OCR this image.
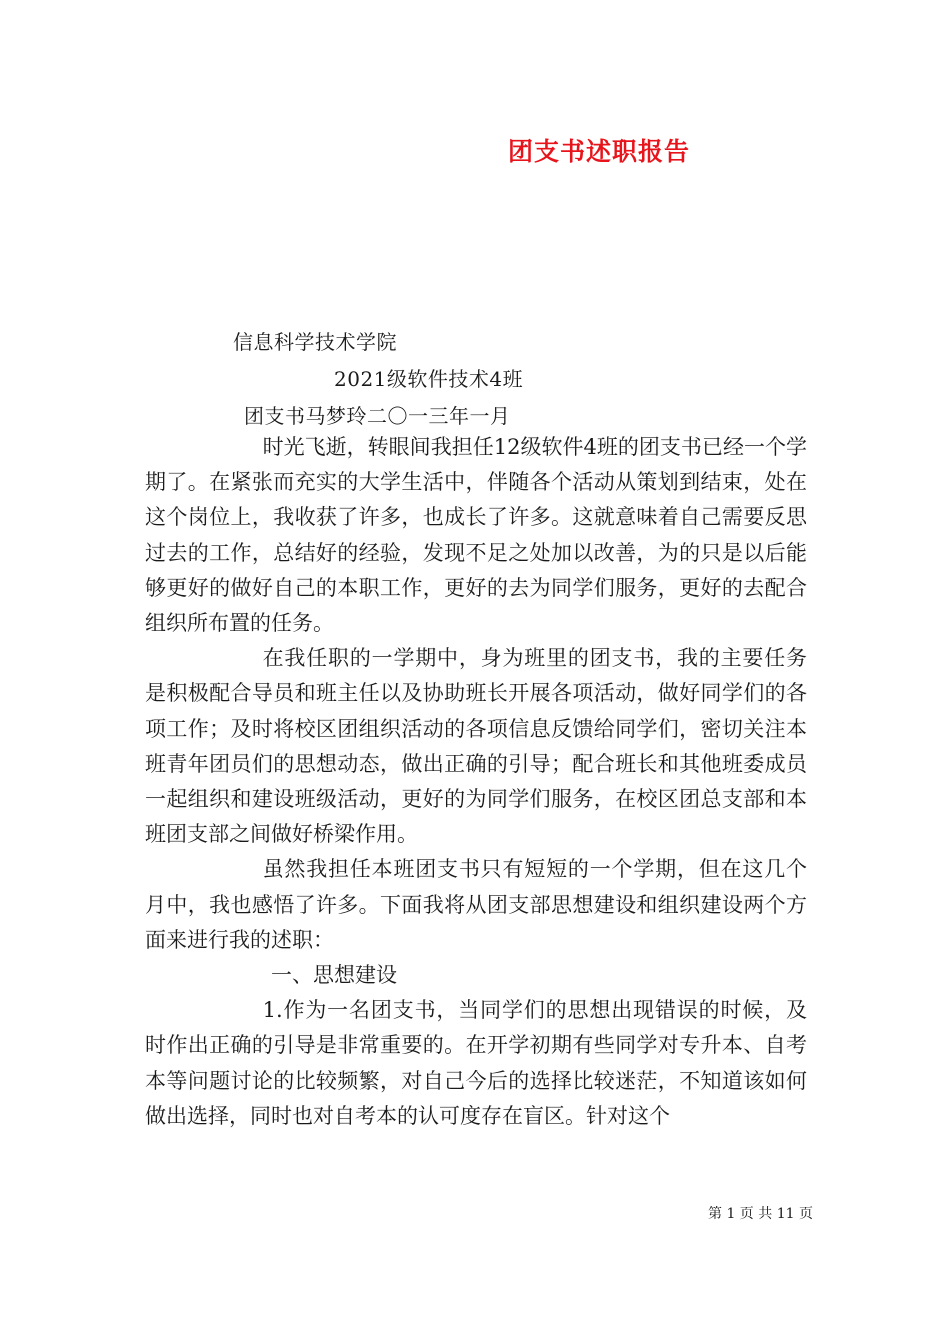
团支书述职报告
信息科学技术学院
2021级软件技术4班
团支书马梦玲二〇一三年一月

时光飞逝，转眼间我担任12级软件4班的团支书已经一个学期了。在紧张而充实的大学生活中，伴随各个活动从策划到结束，处在这个岗位上，我收获了许多，也成长了许多。这就意味着自己需要反思过去的工作，总结好的经验，发现不足之处加以改善，为的只是以后能够更好的做好自己的本职工作，更好的去为同学们服务，更好的去配合组织所布置的任务。

在我任职的一学期中，身为班里的团支书，我的主要任务是积极配合导员和班主任以及协助班长开展各项活动，做好同学们的各项工作；及时将校区团组织活动的各项信息反馈给同学们，密切关注本班青年团员们的思想动态，做出正确的引导；配合班长和其他班委成员一起组织和建设班级活动，更好的为同学们服务，在校区团总支部和本班团支部之间做好桥梁作用。

虽然我担任本班团支书只有短短的一个学期，但在这几个月中，我也感悟了许多。下面我将从团支部思想建设和组织建设两个方面来进行我的述职：

一、思想建设

1.作为一名团支书，当同学们的思想出现错误的时候，及时作出正确的引导是非常重要的。在开学初期有些同学对专升本、自考本等问题讨论的比较频繁，对自己今后的选择比较迷茫，不知道该如何做出选择，同时也对自考本的认可度存在盲区。针对这个

第 1 页 共 11 页
